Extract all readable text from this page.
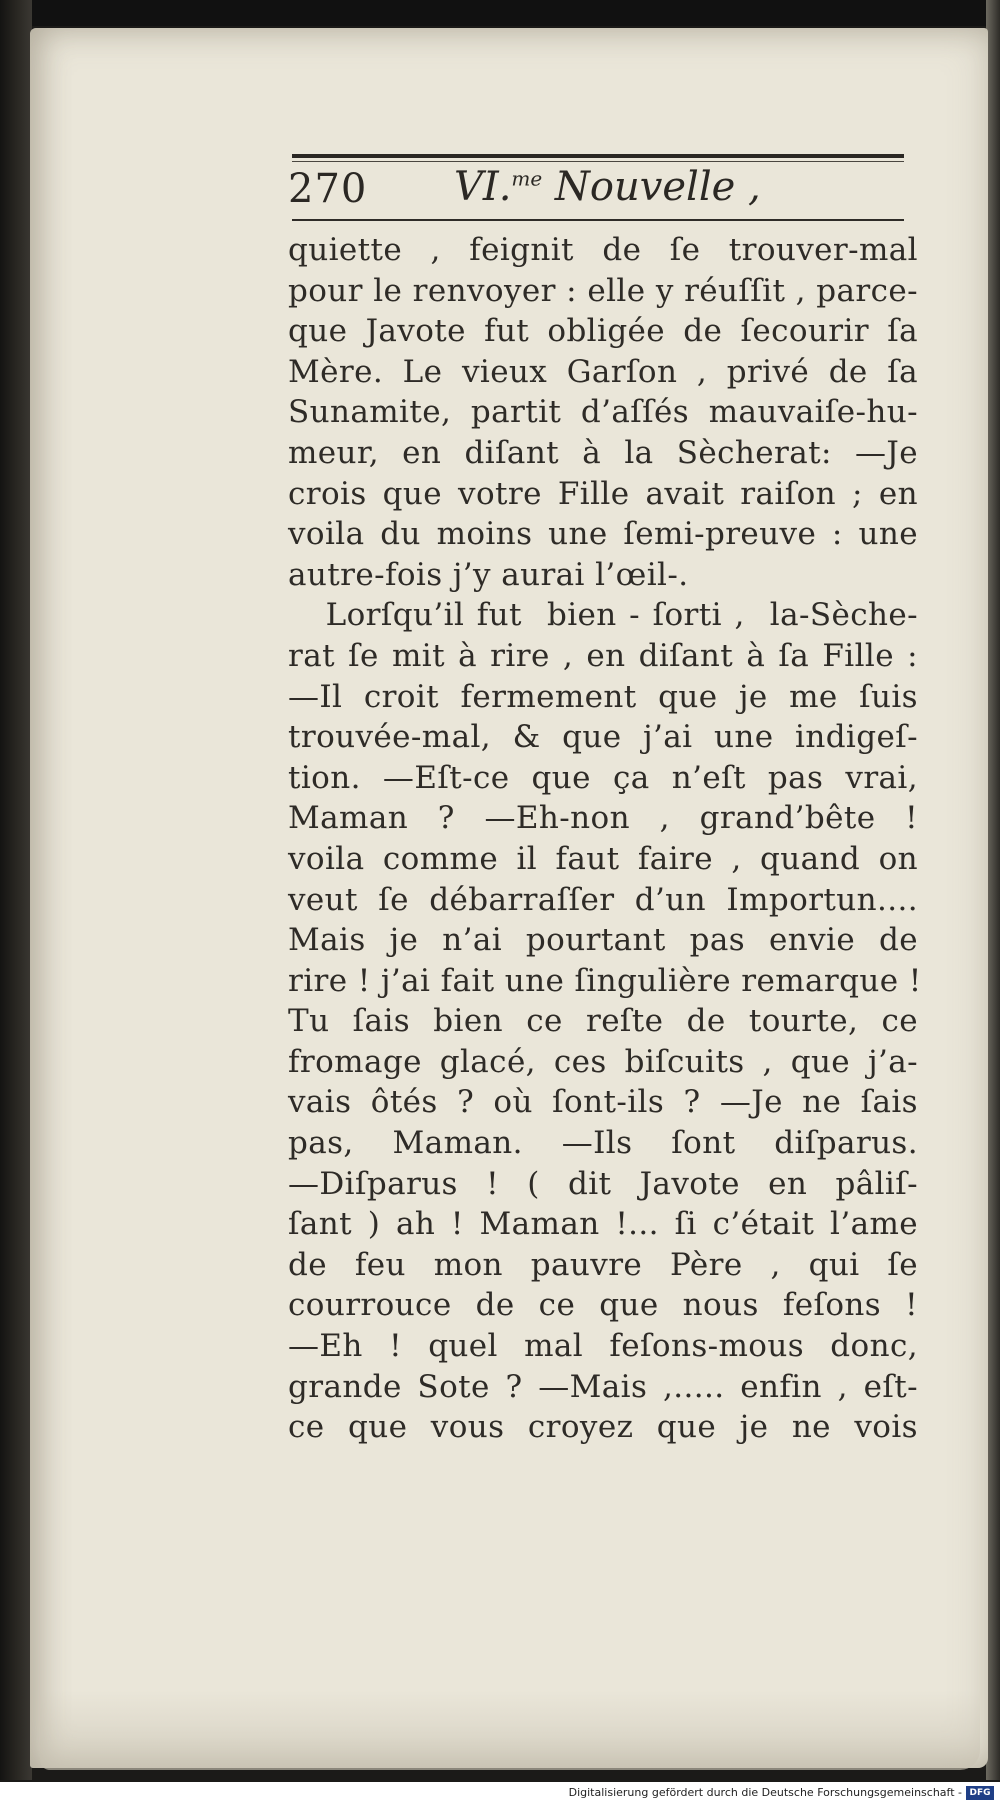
270 VI.$^{me}$ Nouvelle ,
quiette , feignit de ſe trouver-mal
pour le renvoyer : elle y réuſſit , parce-
que Javote fut obligée de ſecourir ſa
Mère. Le vieux Garſon , privé de ſa
Sunamite, partit d’aſſés mauvaiſe-hu-
meur, en diſant à la Sècherat: —Je
crois que votre Fille avait raiſon ; en
voila du moins une ſemi-preuve : une
autre-fois j’y aurai l’œil-.
Lorſqu’il fut  bien - ſorti ,  la-Sèche-
rat ſe mit à rire , en diſant à ſa Fille :
—Il croit fermement que je me ſuis
trouvée-mal, & que j’ai une indigeſ-
tion. —Eſt-ce que ça n’eſt pas vrai,
Maman ? —Eh-non , grand’bête !
voila comme il faut faire , quand on
veut ſe débarraſſer d’un Importun....
Mais je n’ai pourtant pas envie de
rire ! j’ai fait une ſingulière remarque !
Tu ſais bien ce reſte de tourte, ce
fromage glacé, ces biſcuits , que j’a-
vais ôtés ? où ſont-ils ? —Je ne ſais
pas, Maman. —Ils ſont diſparus.
—Diſparus ! ( dit Javote en pâliſ-
ſant ) ah ! Maman !... ſi c’était l’ame
de feu mon pauvre Père , qui ſe
courrouce de ce que nous feſons !
—Eh ! quel mal feſons-mous donc,
grande Sote ? —Mais ,..... enfin , eſt-
ce que vous croyez que je ne vois
Digitalisierung gefördert durch die Deutsche Forschungsgemeinschaft - DFG
